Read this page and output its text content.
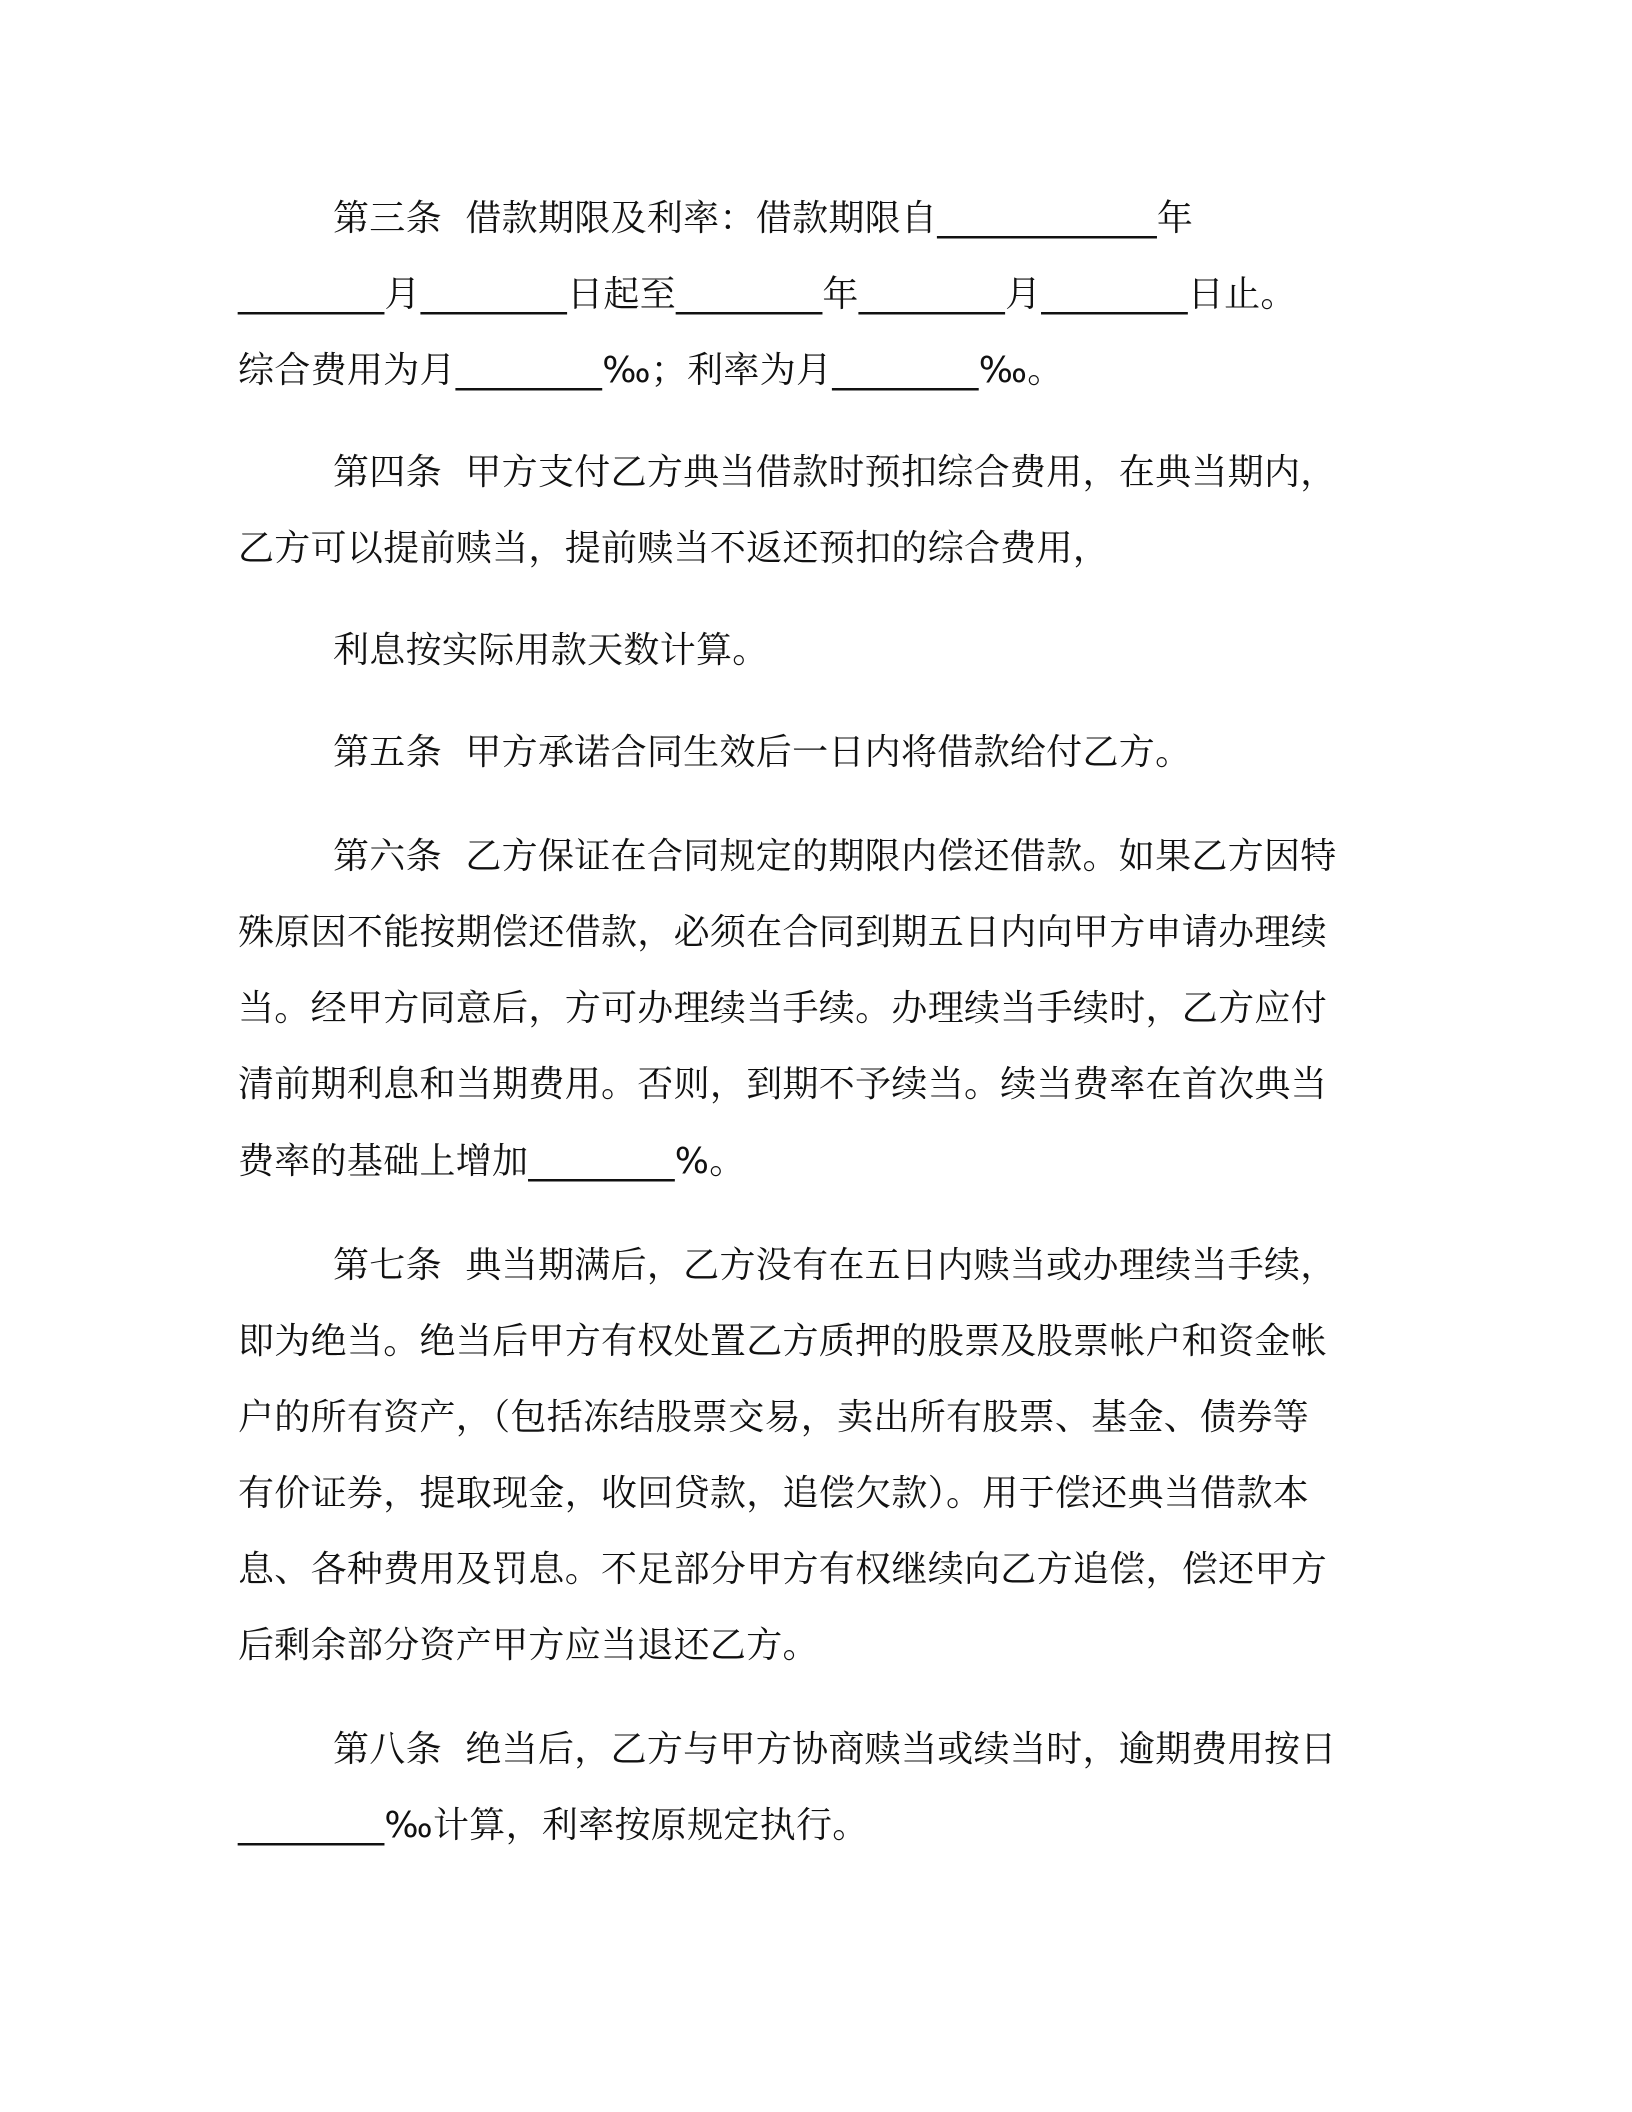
第三条  借款期限及利率：借款期限自____________年
________月________日起至________年________月________日止。
综合费用为月________‰；利率为月________‰。
第四条  甲方支付乙方典当借款时预扣综合费用，在典当期内，
乙方可以提前赎当，提前赎当不返还预扣的综合费用，
利息按实际用款天数计算。
第五条  甲方承诺合同生效后一日内将借款给付乙方。
第六条  乙方保证在合同规定的期限内偿还借款。如果乙方因特
殊原因不能按期偿还借款，必须在合同到期五日内向甲方申请办理续
当。经甲方同意后，方可办理续当手续。办理续当手续时，乙方应付
清前期利息和当期费用。否则，到期不予续当。续当费率在首次典当
费率的基础上增加________%。
第七条  典当期满后，乙方没有在五日内赎当或办理续当手续，
即为绝当。绝当后甲方有权处置乙方质押的股票及股票帐户和资金帐
户的所有资产，（包括冻结股票交易，卖出所有股票、基金、债券等
有价证券，提取现金，收回贷款，追偿欠款）。用于偿还典当借款本
息、各种费用及罚息。不足部分甲方有权继续向乙方追偿，偿还甲方
后剩余部分资产甲方应当退还乙方。
第八条  绝当后，乙方与甲方协商赎当或续当时，逾期费用按日
________‰计算，利率按原规定执行。
